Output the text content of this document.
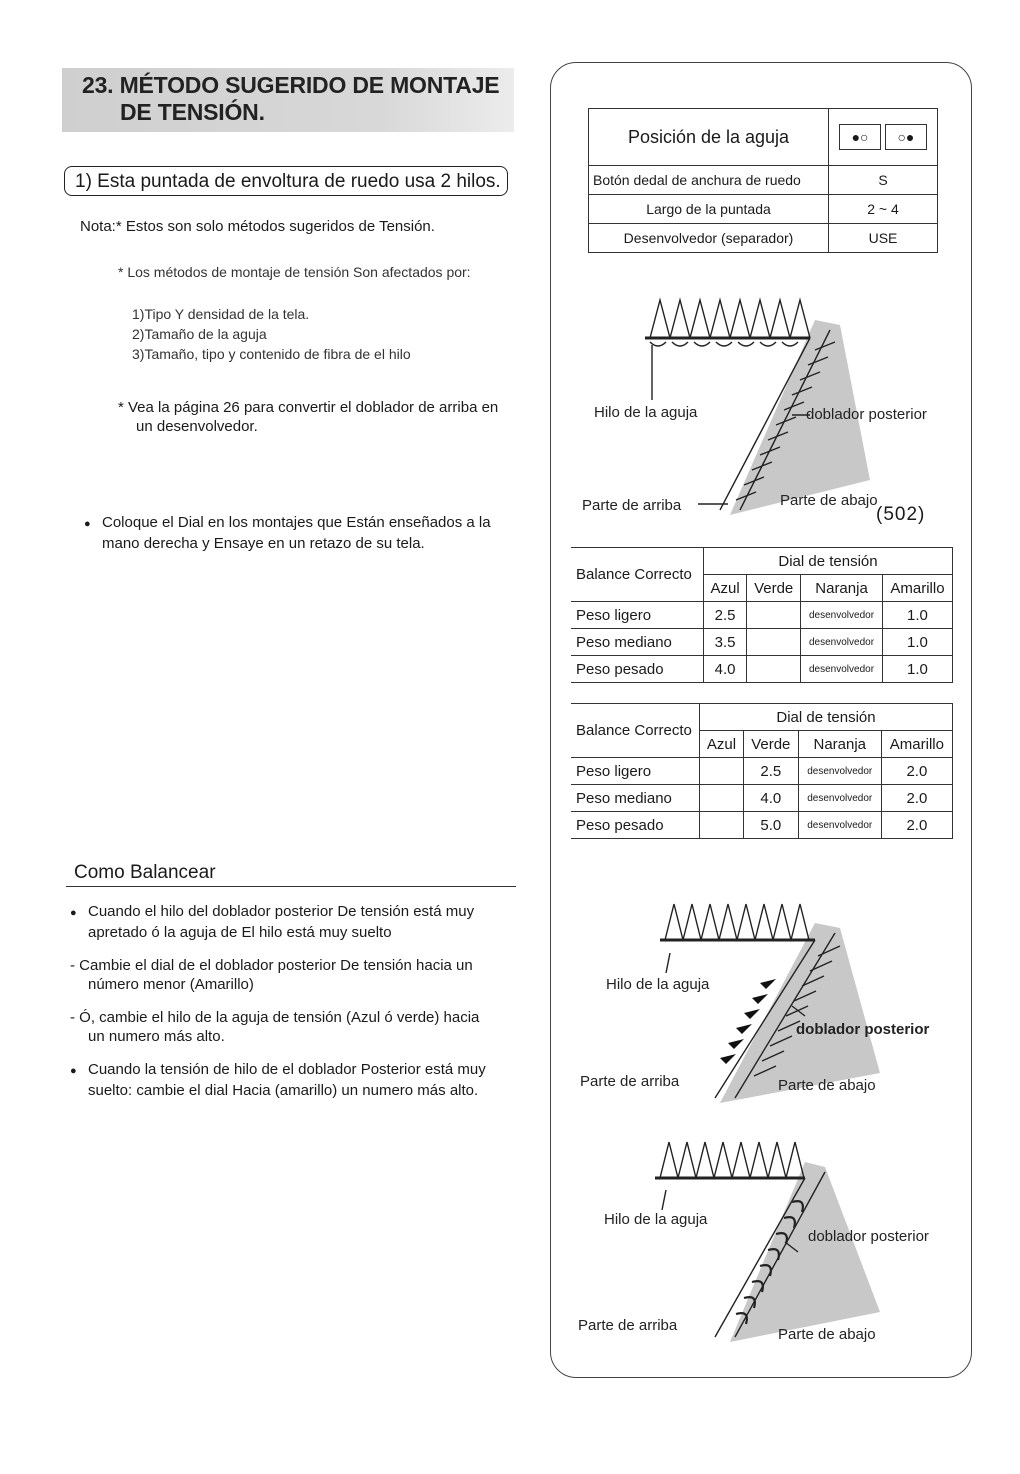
23. MÉTODO SUGERIDO DE MONTAJE
DE TENSIÓN.
1) Esta puntada de envoltura de ruedo usa 2 hilos.
Nota:* Estos son solo métodos sugeridos de Tensión.
* Los métodos de montaje de tensión Son afectados por:
1)Tipo Y densidad de la tela.
2)Tamaño de la aguja
3)Tamaño, tipo y contenido de fibra de el hilo
* Vea la página 26 para convertir el doblador de arriba en
un desenvolvedor.
● Coloque el Dial en los montajes que Están enseñados a la
mano derecha y Ensaye en un retazo de su tela.
Como Balancear
● Cuando el hilo del doblador posterior De tensión está muy
apretado ó la aguja de El hilo está muy suelto
- Cambie el dial de el doblador posterior De tensión hacia un
número menor (Amarillo)
- Ó, cambie el hilo de la aguja de tensión (Azul ó verde) hacia
un numero más alto.
● Cuando la tensión de hilo de el doblador Posterior está muy
suelto: cambie el dial Hacia (amarillo) un numero más alto.
Posición de la aguja	●○ ○●
Botón dedal de anchura de ruedo	S
Largo de la puntada	2 ~ 4
Desenvolvedor (separador)	USE
Hilo de la aguja	doblador posterior
Parte de arriba	Parte de abajo
(502)
Balance Correcto	Dial de tensión			
	Azul	Verde	Naranja	Amarillo
Peso ligero	2.5		desenvolvedor	1.0
Peso mediano	3.5		desenvolvedor	1.0
Peso pesado	4.0		desenvolvedor	1.0
Balance Correcto	Dial de tensión			
	Azul	Verde	Naranja	Amarillo
Peso ligero		2.5	desenvolvedor	2.0
Peso mediano		4.0	desenvolvedor	2.0
Peso pesado		5.0	desenvolvedor	2.0
Hilo de la aguja
doblador posterior
Parte de arriba	Parte de abajo
Hilo de la aguja
doblador posterior
Parte de arriba
Parte de abajo
